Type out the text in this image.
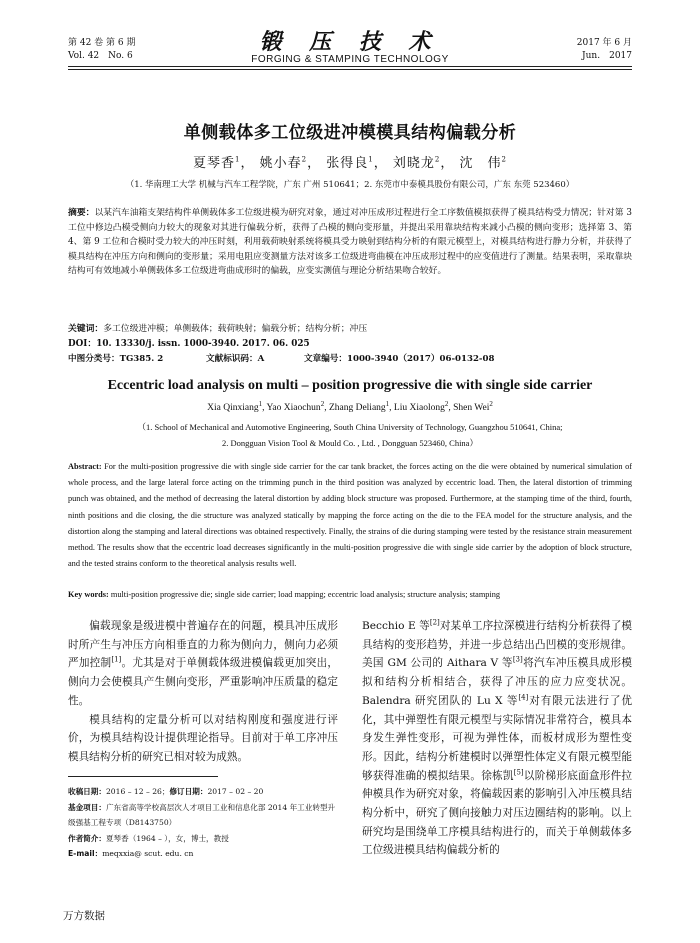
第 42 卷 第 6 期
Vol. 42　No. 6
锻 压 技 术
FORGING & STAMPING TECHNOLOGY
2017 年 6 月
Jun.　2017
单侧载体多工位级进冲模模具结构偏载分析
夏琴香$^1$， 姚小春$^2$， 张得良$^1$， 刘晓龙$^2$， 沈　伟$^2$
（1. 华南理工大学 机械与汽车工程学院，广东 广州 510641；2. 东莞市中泰模具股份有限公司，广东 东莞 523460）
摘要：以某汽车油箱支架结构件单侧载体多工位级进模为研究对象，通过对冲压成形过程进行全工序数值模拟获得了模具结构受力情况；针对第 3 工位中修边凸模受侧向力较大的现象对其进行偏载分析，获得了凸模的侧向变形量，并提出采用靠块结构来减小凸模的侧向变形；选择第 3、第 4、第 9 工位和合模时受力较大的冲压时刻，利用载荷映射系统将模具受力映射到结构分析的有限元模型上，对模具结构进行静力分析，并获得了模具结构在冲压方向和侧向的变形量；采用电阻应变测量方法对该多工位级进弯曲模在冲压成形过程中的应变值进行了测量。结果表明，采取靠块结构可有效地减小单侧载体多工位级进弯曲成形时的偏载，应变实测值与理论分析结果吻合较好。
关键词：多工位级进冲模；单侧载体；载荷映射；偏载分析；结构分析；冲压
DOI：10. 13330/j. issn. 1000-3940. 2017. 06. 025
中图分类号：TG385. 2	文献标识码：A	文章编号：1000-3940（2017）06-0132-08
Eccentric load analysis on multi – position progressive die with single side carrier
Xia Qinxiang$^1$, Yao Xiaochun$^2$, Zhang Deliang$^1$, Liu Xiaolong$^2$, Shen Wei$^2$
（1. School of Mechanical and Automotive Engineering, South China University of Technology, Guangzhou 510641, China;
2. Dongguan Vision Tool & Mould Co. , Ltd. , Dongguan 523460, China）
Abstract: For the multi-position progressive die with single side carrier for the car tank bracket, the forces acting on the die were obtained by numerical simulation of whole process, and the large lateral force acting on the trimming punch in the third position was analyzed by eccentric load. Then, the lateral distortion of trimming punch was obtained, and the method of decreasing the lateral distortion by adding block structure was proposed. Furthermore, at the stamping time of the third, fourth, ninth positions and die closing, the die structure was analyzed statically by mapping the force acting on the die to the FEA model for the structure analysis, and the distortion along the stamping and lateral directions was obtained respectively. Finally, the strains of die during stamping were tested by the resistance strain measurement method. The results show that the eccentric load decreases significantly in the multi-position progressive die with single side carrier by the adoption of block structure, and the tested strains conform to the theoretical analysis results well.
Key words: multi-position progressive die; single side carrier; load mapping; eccentric load analysis; structure analysis; stamping

偏载现象是级进模中普遍存在的问题，模具冲压成形时所产生与冲压方向相垂直的力称为侧向力，侧向力必须严加控制[1]。尤其是对于单侧载体级进模偏载更加突出，侧向力会使模具产生侧向变形，严重影响冲压质量的稳定性。

模具结构的定量分析可以对结构刚度和强度进行评价，为模具结构设计提供理论指导。目前对于单工序冲压模具结构分析的研究已相对较为成熟。

收稿日期：2016 – 12 – 26；修订日期：2017 – 02 – 20
基金项目：广东省高等学校高层次人才项目工业和信息化部 2014 年工业转型升级强基工程专项（D8143750）
作者简介：夏琴香（1964 – ），女，博士，教授
E-mail：meqxxia@ scut. edu. cn

Becchio E 等[2]对某单工序拉深模进行结构分析获得了模具结构的变形趋势，并进一步总结出凸凹模的变形规律。美国 GM 公司的 Aithara V 等[3]将汽车冲压模具成形模拟和结构分析相结合，获得了冲压的应力应变状况。Balendra 研究团队的 Lu X 等[4]对有限元法进行了优化，其中弹塑性有限元模型与实际情况非常符合，模具本身发生弹性变形，可视为弹性体，而板材成形为塑性变形。因此，结构分析建模时以弹塑性体定义有限元模型能够获得准确的模拟结果。徐栋凯[5]以阶梯形底面盒形件拉伸模具作为研究对象，将偏载因素的影响引入冲压模具结构分析中，研究了侧向接触力对压边圈结构的影响。以上研究均是围绕单工序模具结构进行的，而关于单侧载体多工位级进模具结构偏载分析的

万方数据
